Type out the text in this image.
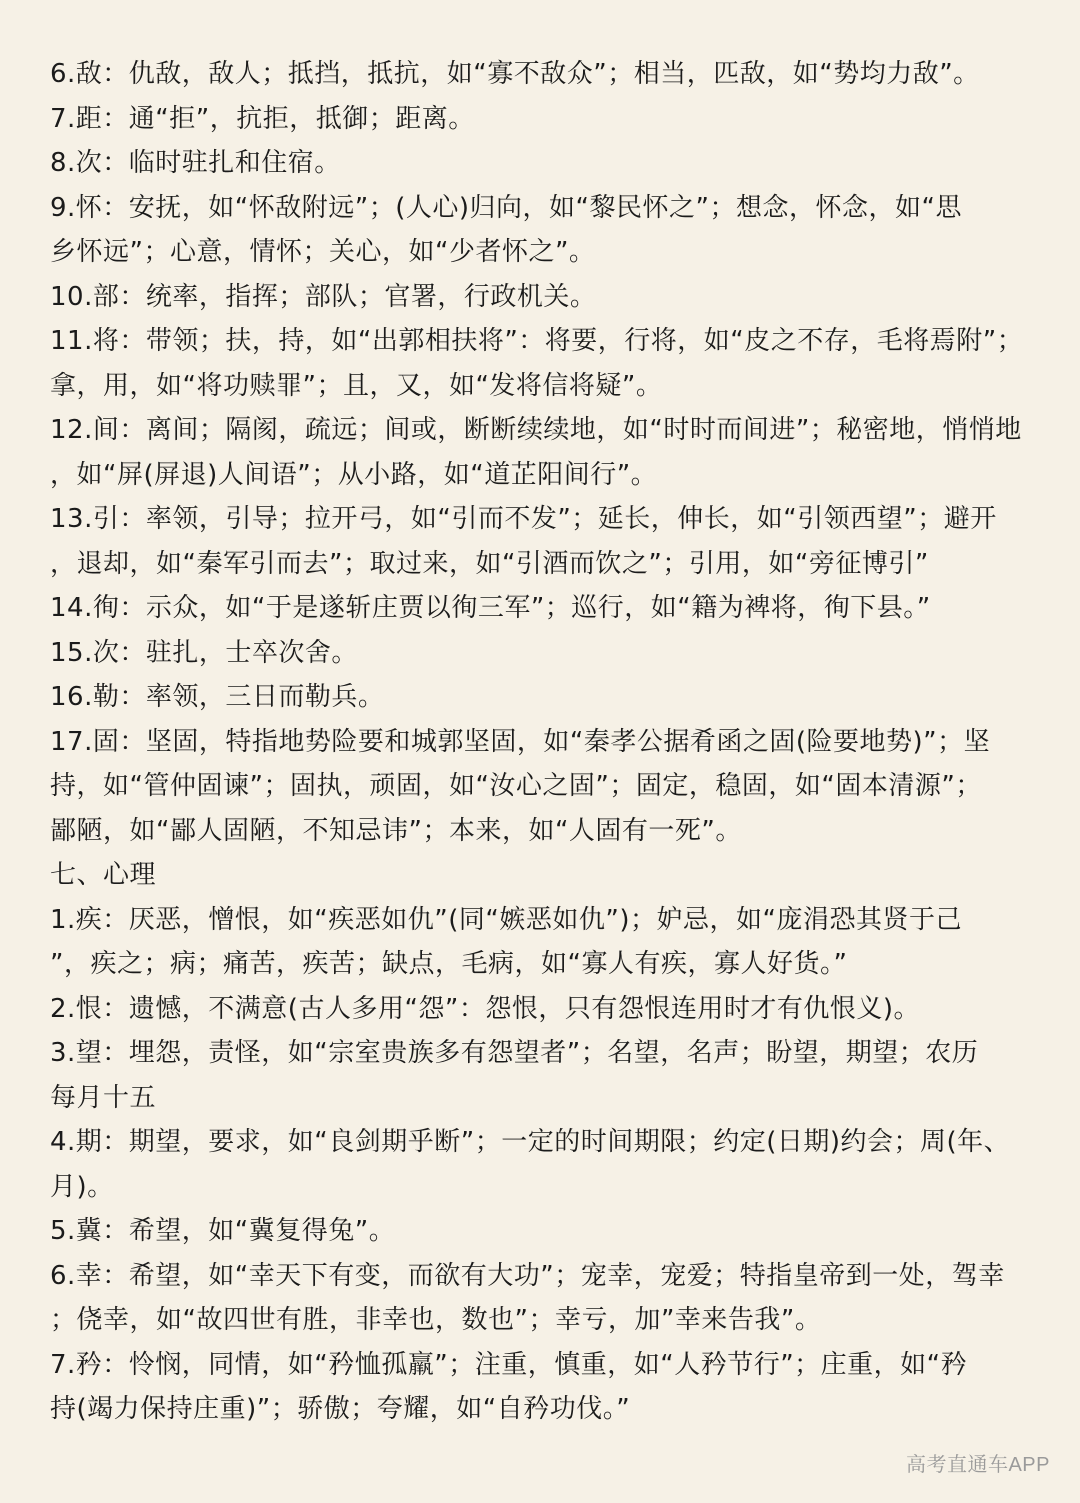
6.敌：仇敌，敌人；抵挡，抵抗，如“寡不敌众”；相当，匹敌，如“势均力敌”。

7.距：通“拒”，抗拒，抵御；距离。

8.次：临时驻扎和住宿。

9.怀：安抚，如“怀敌附远”；(人心)归向，如“黎民怀之”；想念，怀念，如“思

乡怀远”；心意，情怀；关心，如“少者怀之”。

10.部：统率，指挥；部队；官署，行政机关。

11.将：带领；扶，持，如“出郭相扶将”：将要，行将，如“皮之不存，毛将焉附”；

拿，用，如“将功赎罪”；且，又，如“发将信将疑”。

12.间：离间；隔阂，疏远；间或，断断续续地，如“时时而间进”；秘密地，悄悄地

，如“屏(屏退)人间语”；从小路，如“道芷阳间行”。

13.引：率领，引导；拉开弓，如“引而不发”；延长，伸长，如“引领西望”；避开

，退却，如“秦军引而去”；取过来，如“引酒而饮之”；引用，如“旁征博引”

14.徇：示众，如“于是遂斩庄贾以徇三军”；巡行，如“籍为裨将，徇下县。”

15.次：驻扎，士卒次舍。

16.勒：率领，三日而勒兵。

17.固：坚固，特指地势险要和城郭坚固，如“秦孝公据肴函之固(险要地势)”；坚

持，如“管仲固谏”；固执，顽固，如“汝心之固”；固定，稳固，如“固本清源”；

鄙陋，如“鄙人固陋，不知忌讳”；本来，如“人固有一死”。

七、心理

1.疾：厌恶，憎恨，如“疾恶如仇”(同“嫉恶如仇”)；妒忌，如“庞涓恐其贤于己

”，疾之；病；痛苦，疾苦；缺点，毛病，如“寡人有疾，寡人好货。”

2.恨：遗憾，不满意(古人多用“怨”：怨恨，只有怨恨连用时才有仇恨义)。

3.望：埋怨，责怪，如“宗室贵族多有怨望者”；名望，名声；盼望，期望；农历

每月十五

4.期：期望，要求，如“良剑期乎断”；一定的时间期限；约定(日期)约会；周(年、

月)。

5.冀：希望，如“冀复得兔”。

6.幸：希望，如“幸天下有变，而欲有大功”；宠幸，宠爱；特指皇帝到一处，驾幸

；侥幸，如“故四世有胜，非幸也，数也”；幸亏，加”幸来告我”。

7.矜：怜悯，同情，如“矜恤孤羸”；注重，慎重，如“人矜节行”；庄重，如“矜

持(竭力保持庄重)”；骄傲；夸耀，如“自矜功伐。”

高考直通车APP
